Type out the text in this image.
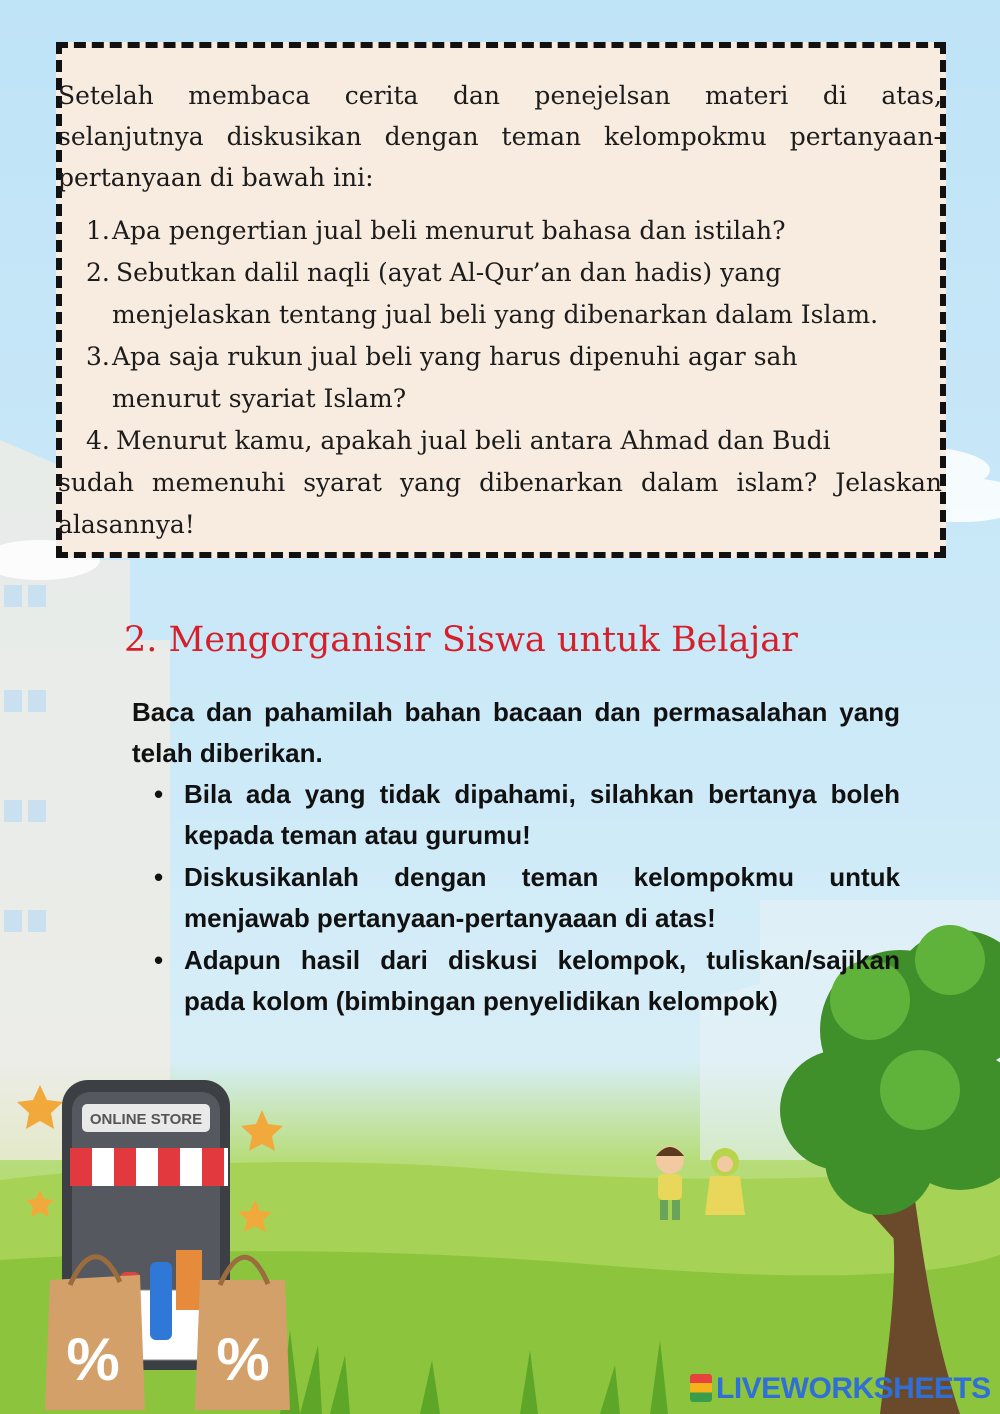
ONLINE STORE
% %
Setelah membaca cerita dan penejelsan materi di atas,
selanjutnya diskusikan dengan teman kelompokmu pertanyaan-
pertanyaan di bawah ini:
1. Apa pengertian jual beli menurut bahasa dan istilah?
2. Sebutkan dalil naqli (ayat Al-Qur’an dan hadis) yang
menjelaskan tentang jual beli yang dibenarkan dalam Islam.
3. Apa saja rukun jual beli yang harus dipenuhi agar sah
menurut syariat Islam?
4. Menurut kamu, apakah jual beli antara Ahmad dan Budi
sudah memenuhi syarat yang dibenarkan dalam islam? Jelaskan
alasannya!
2. Mengorganisir Siswa untuk Belajar
Baca dan pahamilah bahan bacaan dan permasalahan yang telah diberikan.
• Bila ada yang tidak dipahami, silahkan bertanya boleh kepada teman atau gurumu!
• Diskusikanlah dengan teman kelompokmu untuk menjawab pertanyaan-pertanyaaan di atas!
• Adapun hasil dari diskusi kelompok, tuliskan/sajikan pada kolom (bimbingan penyelidikan kelompok)
LIVEWORKSHEETS
